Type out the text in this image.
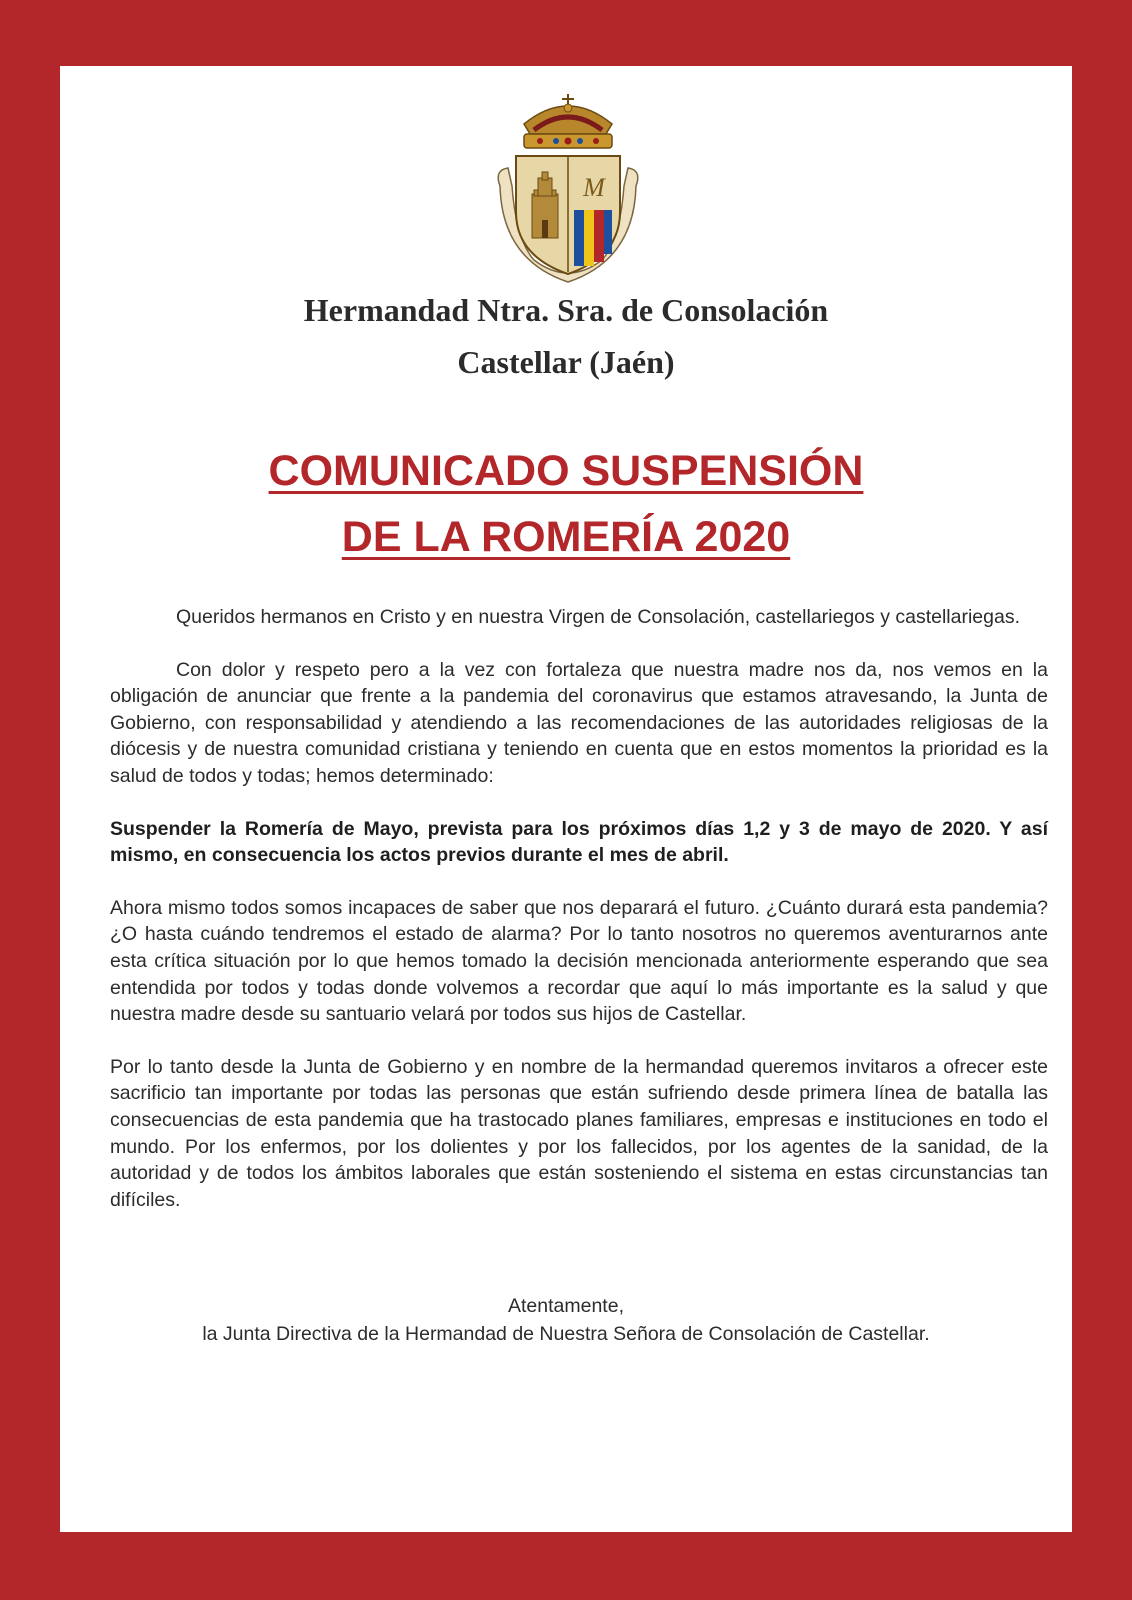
M
Hermandad Ntra. Sra. de Consolación
Castellar (Jaén)
COMUNICADO SUSPENSIÓN
DE LA ROMERÍA 2020

Queridos hermanos en Cristo y en nuestra Virgen de Consolación, castellariegos y castellariegas.

Con dolor y respeto pero a la vez con fortaleza que nuestra madre nos da, nos vemos en la obligación de anunciar que frente a la pandemia del coronavirus que estamos atravesando, la Junta de Gobierno, con responsabilidad y atendiendo a las recomendaciones de las autoridades religiosas de la diócesis y de nuestra comunidad cristiana y teniendo en cuenta que en estos momentos la prioridad es la salud de todos y todas; hemos determinado:

Suspender la Romería de Mayo, prevista para los próximos días 1,2 y 3 de mayo de 2020. Y así mismo, en consecuencia los actos previos durante el mes de abril.

Ahora mismo todos somos incapaces de saber que nos deparará el futuro. ¿Cuánto durará esta pandemia? ¿O hasta cuándo tendremos el estado de alarma? Por lo tanto nosotros no queremos aventurarnos ante esta crítica situación por lo que hemos tomado la decisión mencionada anteriormente esperando que sea entendida por todos y todas donde volvemos a recordar que aquí lo más importante es la salud y que nuestra madre desde su santuario velará por todos sus hijos de Castellar.

Por lo tanto desde la Junta de Gobierno y en nombre de la hermandad queremos invitaros a ofrecer este sacrificio tan importante por todas las personas que están sufriendo desde primera línea de batalla las consecuencias de esta pandemia que ha trastocado planes familiares, empresas e instituciones en todo el mundo. Por los enfermos, por los dolientes y por los fallecidos, por los agentes de la sanidad, de la autoridad y de todos los ámbitos laborales que están sosteniendo el sistema en estas circunstancias tan difíciles.

Atentamente,
la Junta Directiva de la Hermandad de Nuestra Señora de Consolación de Castellar.
